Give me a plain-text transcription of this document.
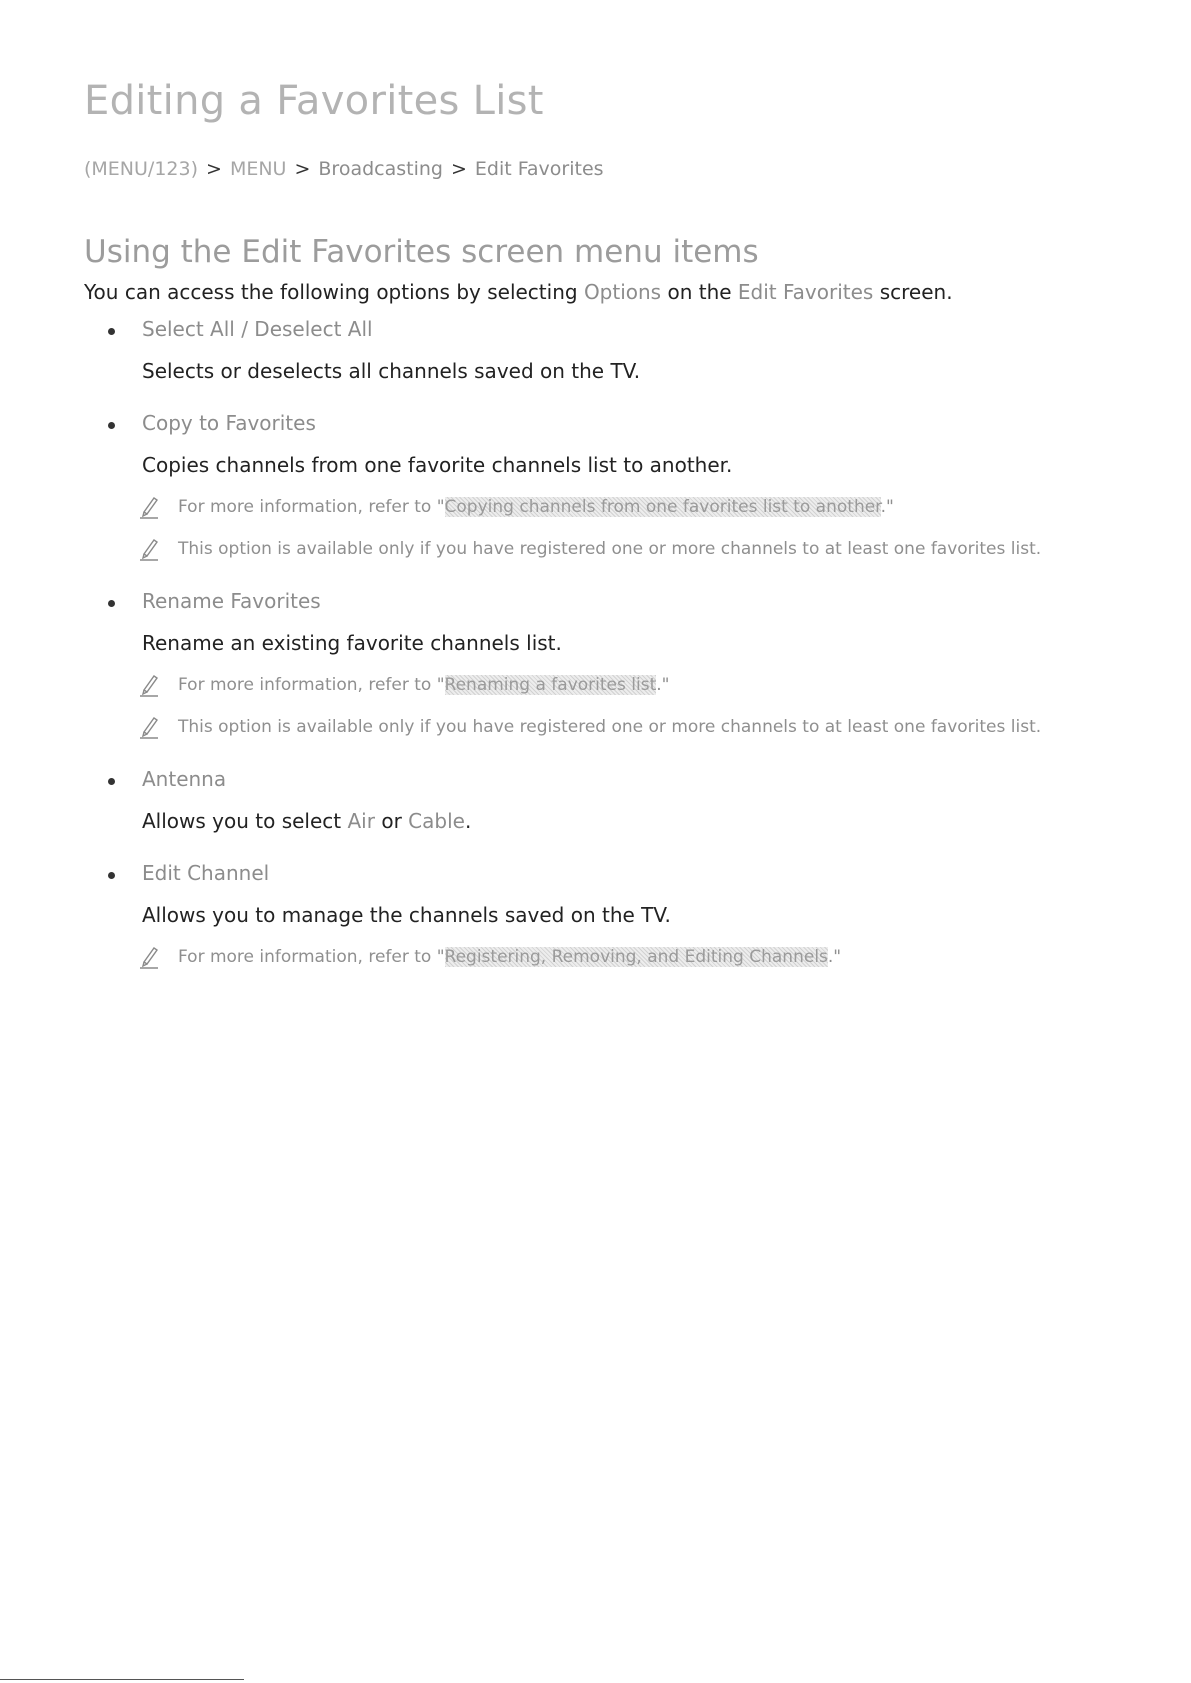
Editing a Favorites List
(MENU/123) > MENU > Broadcasting > Edit Favorites
Using the Edit Favorites screen menu items
You can access the following options by selecting Options on the Edit Favorites screen.
Select All / Deselect All
Selects or deselects all channels saved on the TV.
Copy to Favorites
Copies channels from one favorite channels list to another.
For more information, refer to "Copying channels from one favorites list to another."
This option is available only if you have registered one or more channels to at least one favorites list.
Rename Favorites
Rename an existing favorite channels list.
For more information, refer to "Renaming a favorites list."
This option is available only if you have registered one or more channels to at least one favorites list.
Antenna
Allows you to select Air or Cable.
Edit Channel
Allows you to manage the channels saved on the TV.
For more information, refer to "Registering, Removing, and Editing Channels."
